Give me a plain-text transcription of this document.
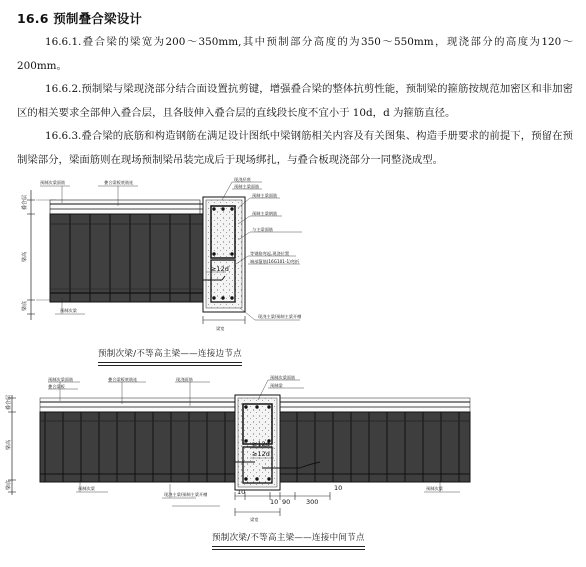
16.6 预制叠合梁设计

16.6.1.叠合梁的梁宽为200～350mm,其中预制部分高度的为350～550mm，现浇部分的高度为120～200mm。

16.6.2.预制梁与梁现浇部分结合面设置抗剪键，增强叠合梁的整体抗剪性能，预制梁的箍筋按规范加密区和非加密区的相关要求全部伸入叠合层，且各肢伸入叠合层的直线段长度不宜小于 10d，d 为箍筋直径。

16.6.3.叠合梁的底筋和构造钢筋在满足设计图纸中梁钢筋相关内容及有关图集、构造手册要求的前提下，预留在预制梁部分，梁面筋则在现场预制梁吊装完成后于现场绑扎，与叠合板现浇部分一同整浇成型。

叠合层
梁高
梁底
≥12d
梁宽
预制次梁面筋	叠合梁板底筋连
现浇层底
预制主梁面筋
预制主梁面筋
预制主梁钢筋
与主梁面筋
等钢筋弯起,现浇位置
端部箍筋(16G101-1)弯折
预制次梁
现浇主梁/预制主梁开槽
叠合层
梁高
梁底
≥12d
≥12d
10
10 90 300
10
梁宽
预制次梁面筋
叠合梁板
叠合梁板底筋连	现浇面筋	预制次梁面筋
预制梁
预制次梁
现浇主梁/预制主梁开槽
预制次梁
预制次梁/不等高主梁——连接边节点
预制次梁/不等高主梁——连接中间节点
